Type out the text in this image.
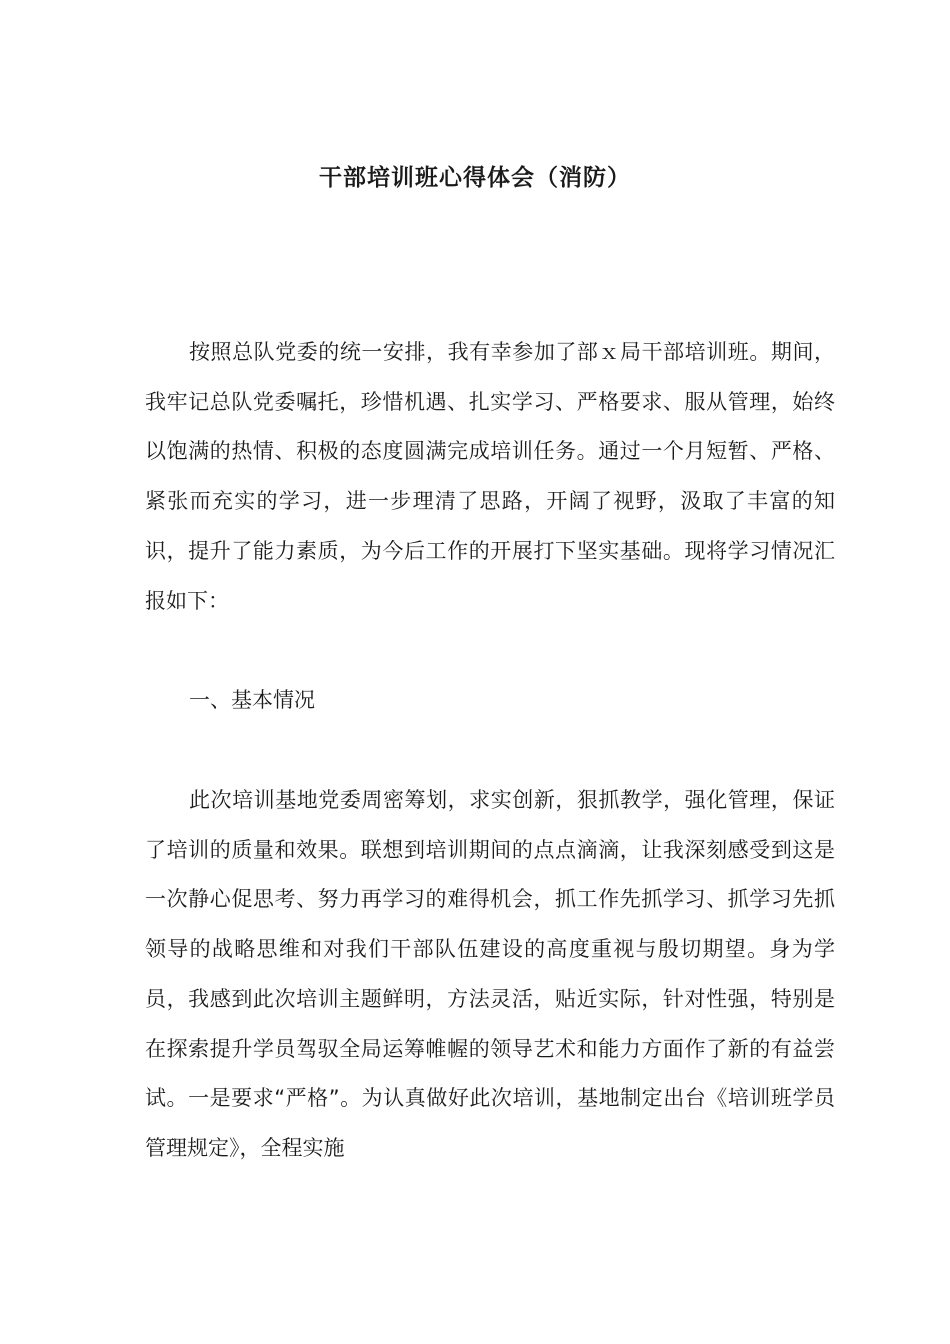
干部培训班心得体会（消防）

按照总队党委的统一安排，我有幸参加了部ｘ局干部培训班。期间，我牢记总队党委嘱托，珍惜机遇、扎实学习、严格要求、服从管理，始终以饱满的热情、积极的态度圆满完成培训任务。通过一个月短暂、严格、紧张而充实的学习，进一步理清了思路，开阔了视野，汲取了丰富的知识，提升了能力素质，为今后工作的开展打下坚实基础。现将学习情况汇报如下：

一、基本情况

此次培训基地党委周密筹划，求实创新，狠抓教学，强化管理，保证了培训的质量和效果。联想到培训期间的点点滴滴，让我深刻感受到这是一次静心促思考、努力再学习的难得机会，抓工作先抓学习、抓学习先抓领导的战略思维和对我们干部队伍建设的高度重视与殷切期望。身为学员，我感到此次培训主题鲜明，方法灵活，贴近实际，针对性强，特别是在探索提升学员驾驭全局运筹帷幄的领导艺术和能力方面作了新的有益尝试。一是要求“严格”。为认真做好此次培训，基地制定出台《培训班学员管理规定》，全程实施
